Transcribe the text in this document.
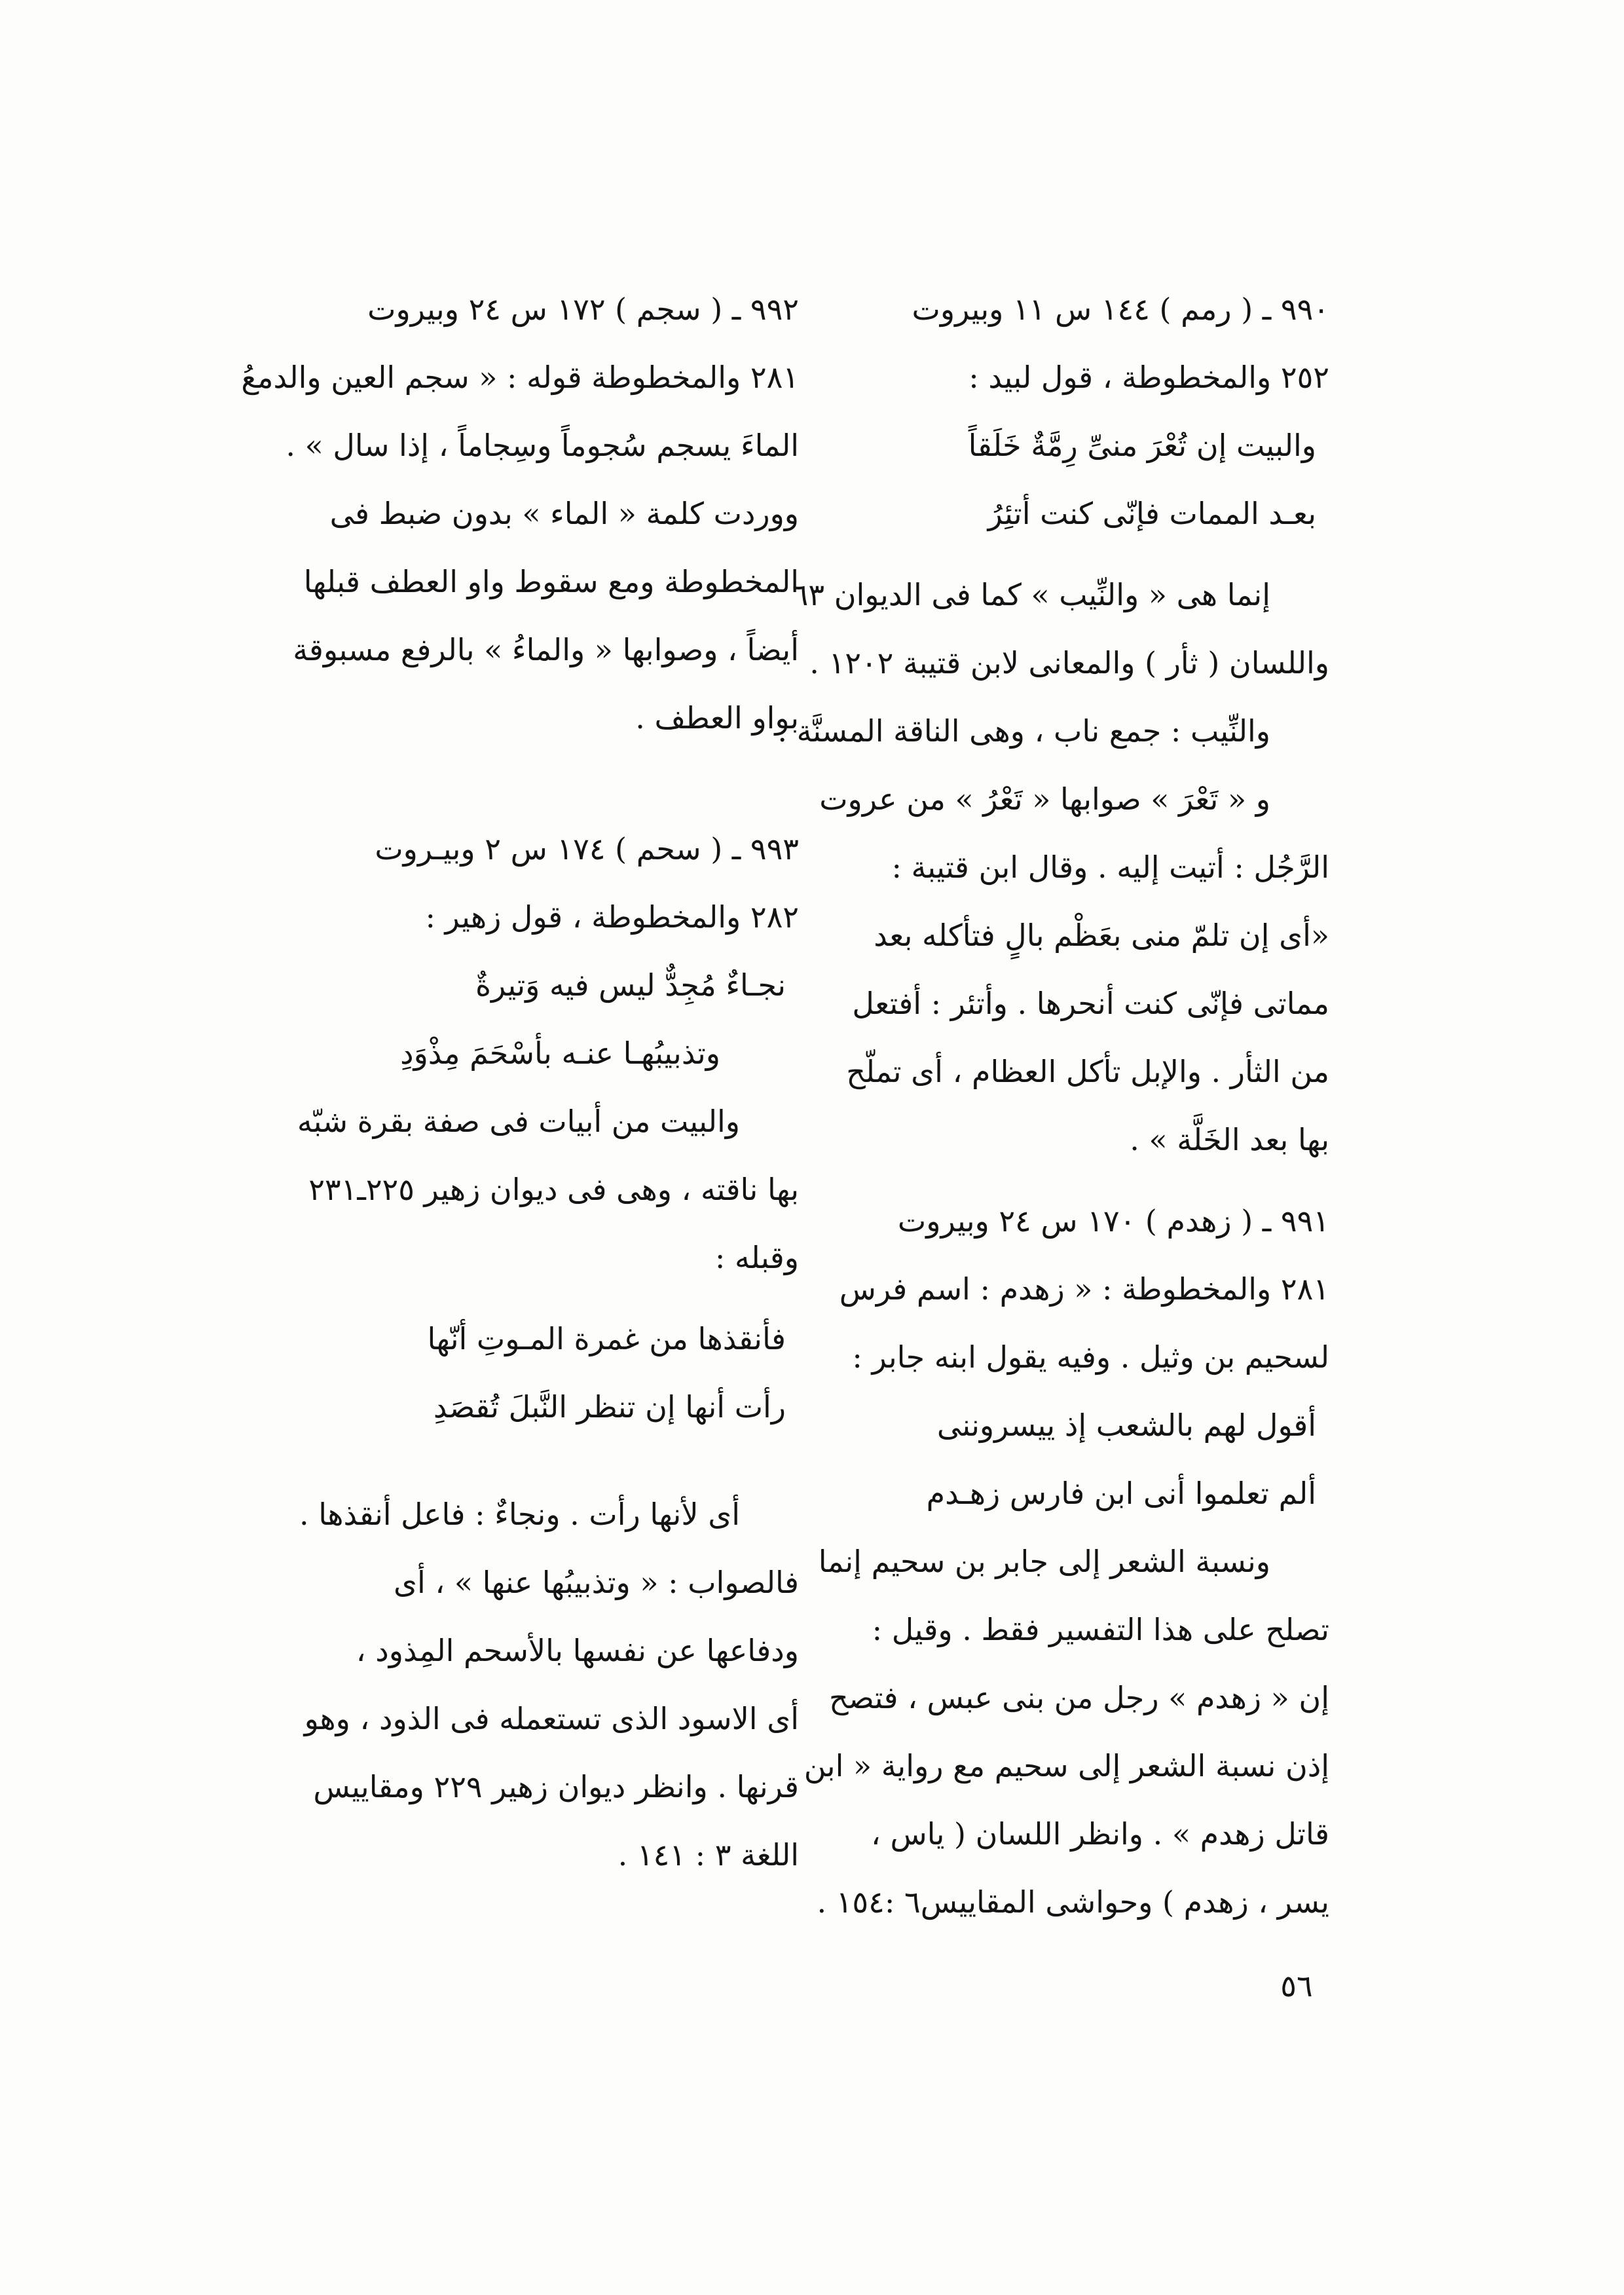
٩٩٠ ـ ( رمم ) ١٤٤ س ١١ وبيروت
٢٥٢ والمخطوطة ، قول لبيد :
والبيت إن تُعْرَ منىِّ رِمَّةٌ خَلَقاً
بعـد الممات فإنّى كنت أتئِرُ
إنما هى « والنِّيب » كما فى الديوان ٦٣
واللسان ( ثأر ) والمعانى لابن قتيبة ١٢٠٢ .
والنِّيب : جمع ناب ، وهى الناقة المسنَّة .
و « تَعْرَ » صوابها « تَعْرُ » من عروت
الرَّجُل : أتيت إليه . وقال ابن قتيبة :
«أى إن تلمّ منى بعَظْم بالٍ فتأكله بعد
مماتى فإنّى كنت أنحرها . وأتئر : أفتعل
من الثأر . والإبل تأكل العظام ، أى تملّح
بها بعد الخَلَّة » .
٩٩١ ـ ( زهدم ) ١٧٠ س ٢٤ وبيروت
٢٨١ والمخطوطة : « زهدم : اسم فرس
لسحيم بن وثيل . وفيه يقول ابنه جابر :
أقول لهم بالشعب إذ ييسروننى
ألم تعلموا أنى ابن فارس زهـدم
ونسبة الشعر إلى جابر بن سحيم إنما
تصلح على هذا التفسير فقط . وقيل :
إن « زهدم » رجل من بنى عبس ، فتصح
إذن نسبة الشعر إلى سحيم مع رواية « ابن
قاتل زهدم » . وانظر اللسان ( ياس ،
يسر ، زهدم ) وحواشى المقاييس٦ :١٥٤ .
٩٩٢ ـ ( سجم ) ١٧٢ س ٢٤ وبيروت
٢٨١ والمخطوطة قوله : « سجم العين والدمعُ
الماءَ يسجم سُجوماً وسِجاماً ، إذا سال » .
ووردت كلمة « الماء » بدون ضبط فى
المخطوطة ومع سقوط واو العطف قبلها
أيضاً ، وصوابها « والماءُ » بالرفع مسبوقة
بواو العطف .
٩٩٣ ـ ( سحم ) ١٧٤ س ٢ وبيـروت
٢٨٢ والمخطوطة ، قول زهير :
نجـاءٌ مُجِدٌّ ليس فيه وَتيرةٌ
وتذبيبُهـا عنـه بأسْحَمَ مِذْوَدِ
والبيت من أبيات فى صفة بقرة شبّه
بها ناقته ، وهى فى ديوان زهير ٢٢٥ـ٢٣١
وقبله :
فأنقذها من غمرة المـوتِ أنّها
رأت أنها إن تنظر النَّبلَ تُقصَدِ
أى لأنها رأت . ونجاءٌ : فاعل أنقذها .
فالصواب : « وتذبيبُها عنها » ، أى
ودفاعها عن نفسها بالأسحم المِذود ،
أى الاسود الذى تستعمله فى الذود ، وهو
قرنها . وانظر ديوان زهير ٢٢٩ ومقاييس
اللغة ٣ : ١٤١ .
٥٦
